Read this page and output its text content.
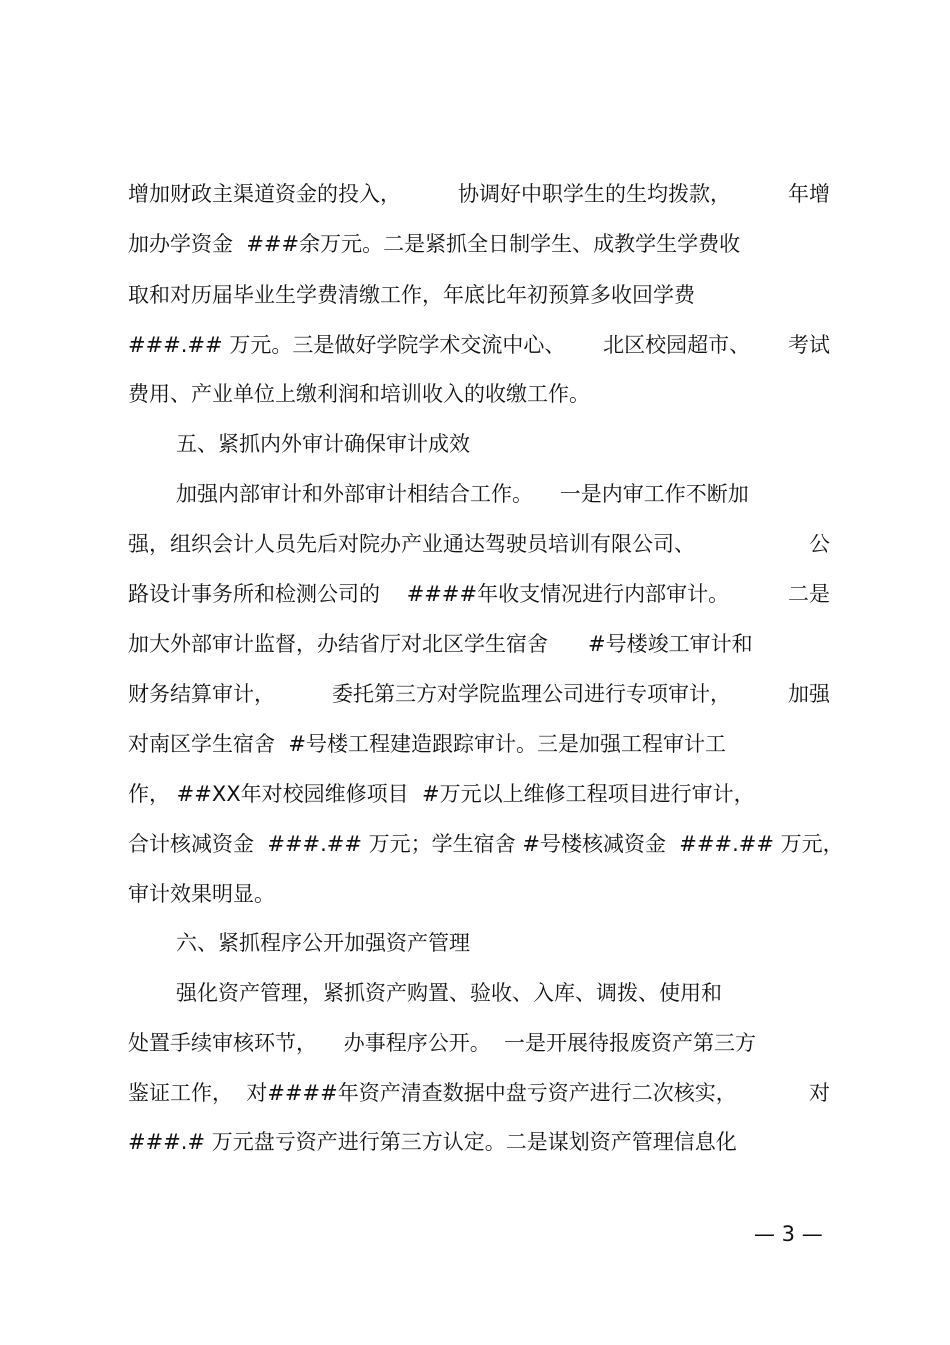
增加财政主渠道资金的投入，	协调好中职学生的生均拨款，	年增
加办学资金  ###余万元。二是紧抓全日制学生、成教学生学费收
取和对历届毕业生学费清缴工作，年底比年初预算多收回学费
###.## 万元。三是做好学院学术交流中心、 北区校园超市、 考试
费用、产业单位上缴利润和培训收入的收缴工作。
五、紧抓内外审计确保审计成效
加强内部审计和外部审计相结合工作。    一是内审工作不断加
强，组织会计人员先后对院办产业通达驾驶员培训有限公司、	公
路设计事务所和检测公司的    ####年收支情况进行内部审计。	二是
加大外部审计监督，办结省厅对北区学生宿舍      #号楼竣工审计和
财务结算审计，	委托第三方对学院监理公司进行专项审计，	加强
对南区学生宿舍  #号楼工程建造跟踪审计。三是加强工程审计工
作， ##XX年对校园维修项目  #万元以上维修工程项目进行审计，
合计核减资金  ###.## 万元；学生宿舍 #号楼核减资金  ###.## 万元，
审计效果明显。
六、紧抓程序公开加强资产管理
强化资产管理，紧抓资产购置、验收、入库、调拨、使用和
处置手续审核环节，    办事程序公开。  一是开展待报废资产第三方
鉴证工作，  对####年资产清查数据中盘亏资产进行二次核实，	对
###.# 万元盘亏资产进行第三方认定。二是谋划资产管理信息化
— 3 —
